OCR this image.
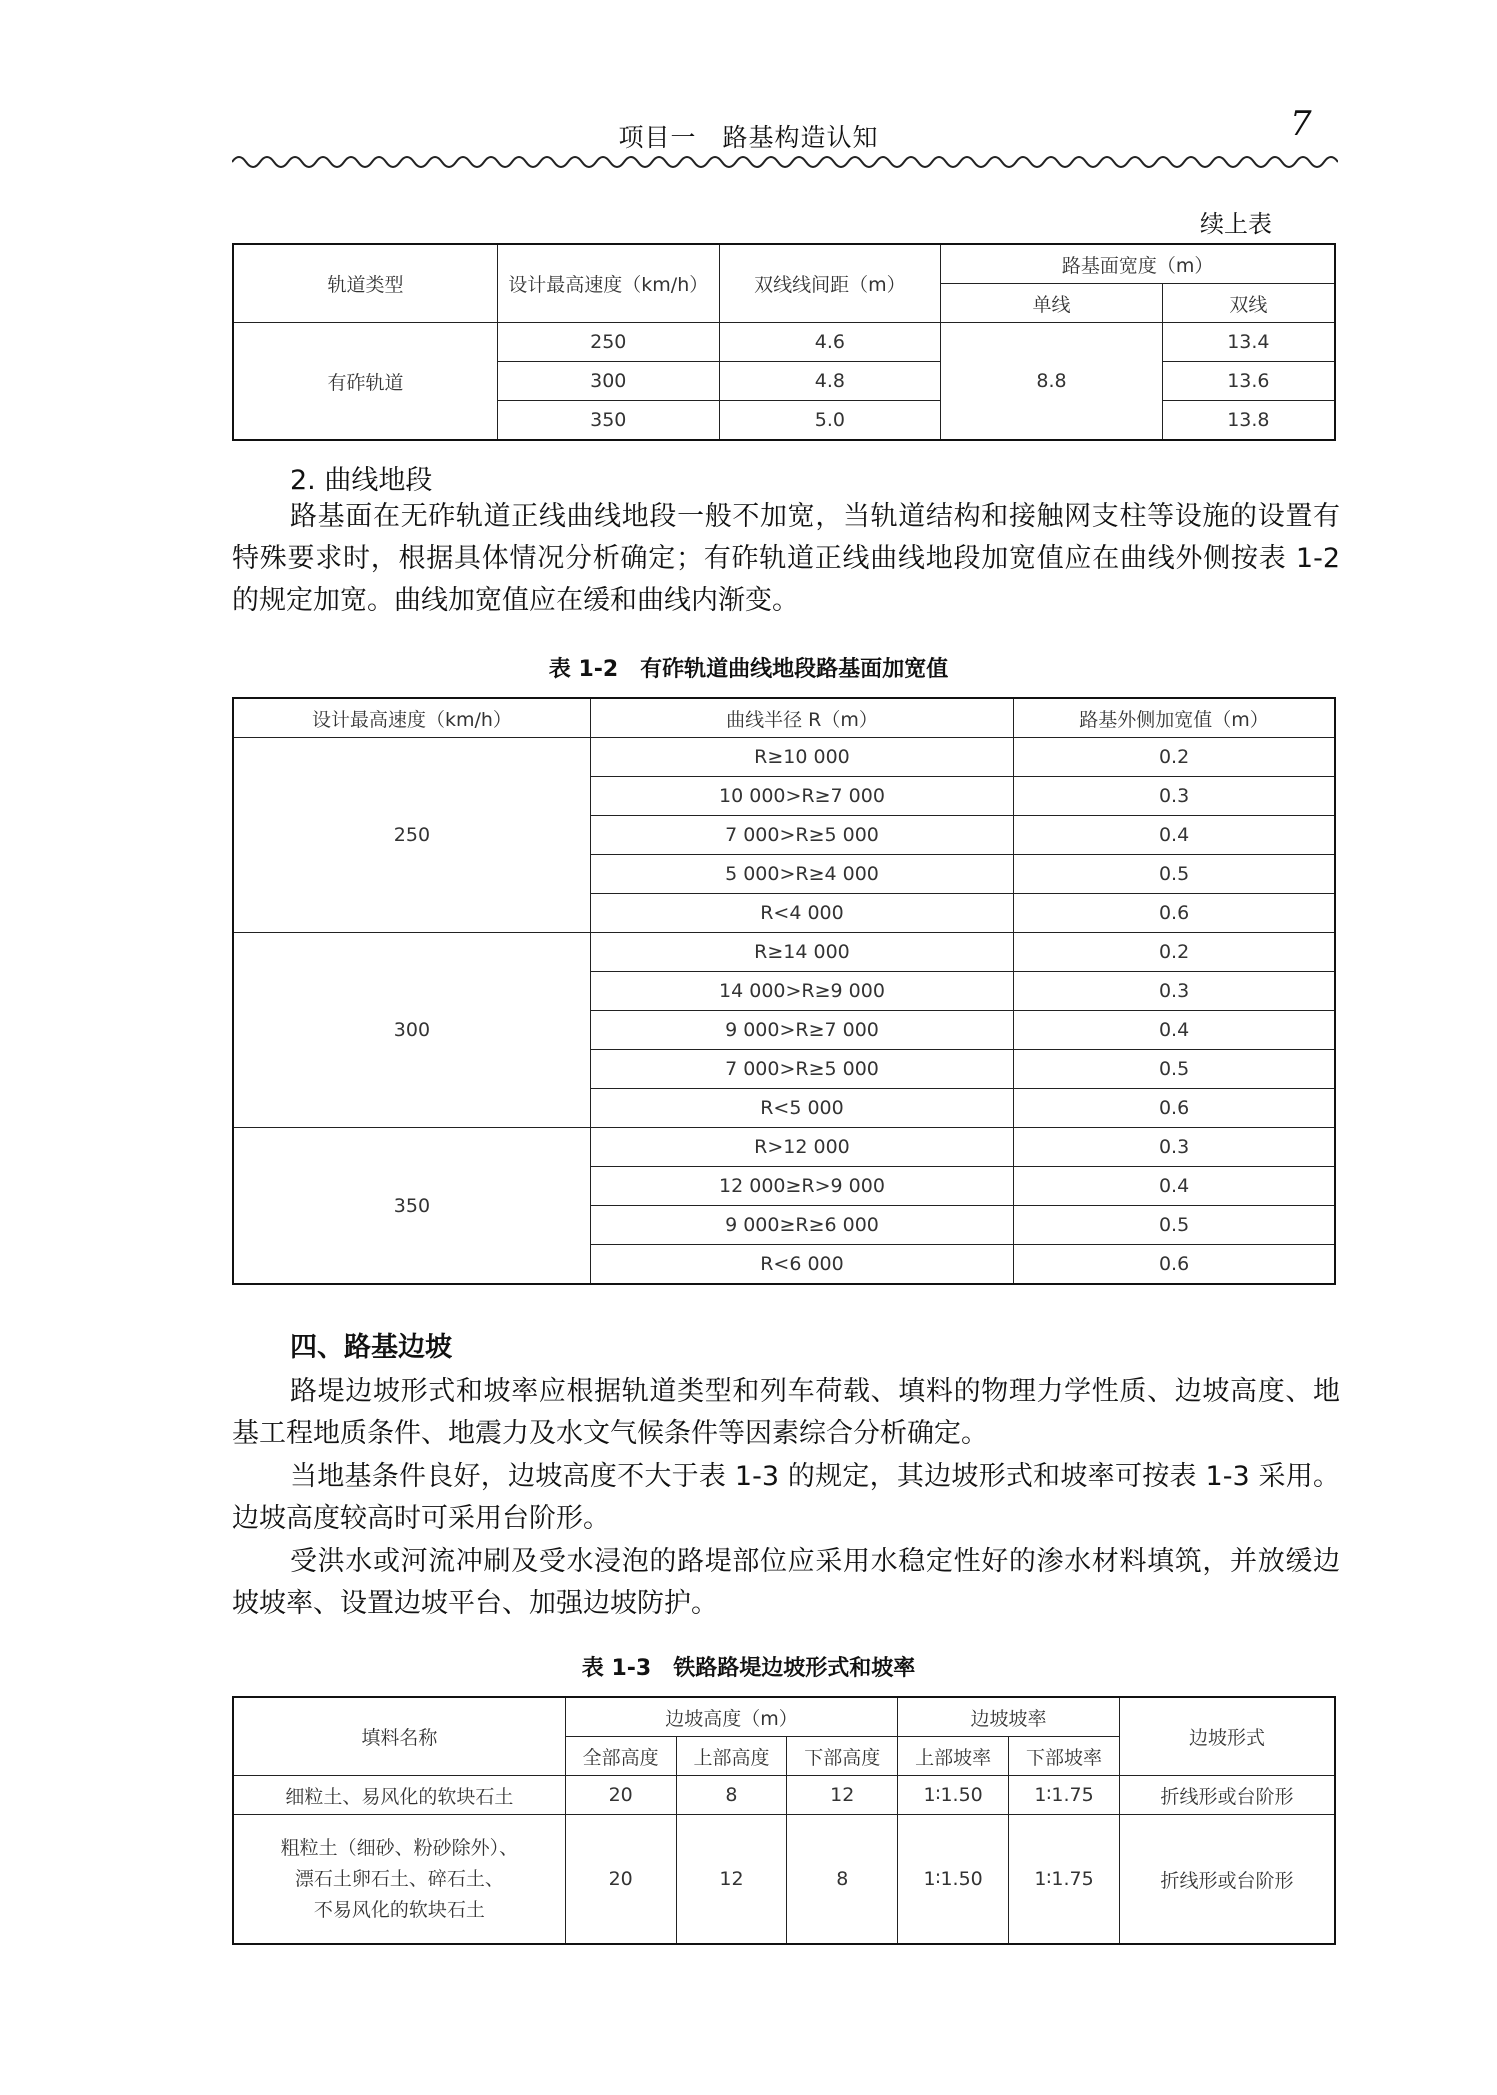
项目一　路基构造认知	7
续上表
轨道类型	设计最高速度（km/h）	双线线间距（m）	路基面宽度（m）	
			单线	双线
有砟轨道	250	4.6	8.8	13.4
	300	4.8		13.6
	350	5.0		13.8
2. 曲线地段
路基面在无砟轨道正线曲线地段一般不加宽，当轨道结构和接触网支柱等设施的设置有特殊要求时，根据具体情况分析确定；有砟轨道正线曲线地段加宽值应在曲线外侧按表 1-2 的规定加宽。曲线加宽值应在缓和曲线内渐变。
表 1-2　有砟轨道曲线地段路基面加宽值
设计最高速度（km/h）	曲线半径 R（m）	路基外侧加宽值（m）
250	R≥10 000	0.2
	10 000>R≥7 000	0.3
	7 000>R≥5 000	0.4
	5 000>R≥4 000	0.5
	R<4 000	0.6
300	R≥14 000	0.2
	14 000>R≥9 000	0.3
	9 000>R≥7 000	0.4
	7 000>R≥5 000	0.5
	R<5 000	0.6
350	R>12 000	0.3
	12 000≥R>9 000	0.4
	9 000≥R≥6 000	0.5
	R<6 000	0.6
四、路基边坡
路堤边坡形式和坡率应根据轨道类型和列车荷载、填料的物理力学性质、边坡高度、地基工程地质条件、地震力及水文气候条件等因素综合分析确定。
当地基条件良好，边坡高度不大于表 1-3 的规定，其边坡形式和坡率可按表 1-3 采用。边坡高度较高时可采用台阶形。
受洪水或河流冲刷及受水浸泡的路堤部位应采用水稳定性好的渗水材料填筑，并放缓边坡坡率、设置边坡平台、加强边坡防护。
表 1-3　铁路路堤边坡形式和坡率
填料名称	边坡高度（m）			边坡坡率		边坡形式
	全部高度	上部高度	下部高度	上部坡率	下部坡率	
细粒土、易风化的软块石土	20	8	12	1∶1.50	1∶1.75	折线形或台阶形

粗粒土（细砂、粉砂除外）、
漂石土卵石土、碎石土、
不易风化的软块石土	20	12	8	1∶1.50	1∶1.75	折线形或台阶形
